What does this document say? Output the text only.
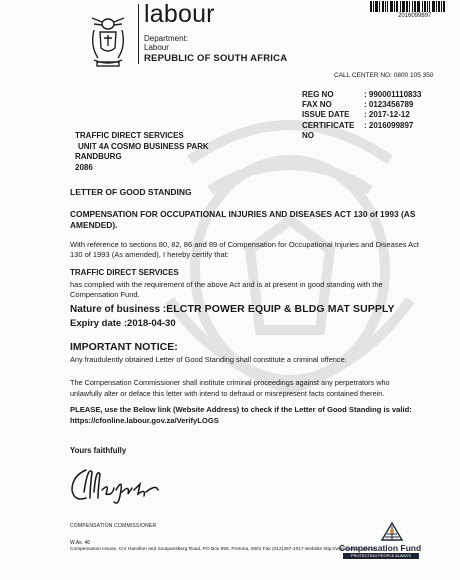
2016099897
labour
Department:
Labour
REPUBLIC OF SOUTH AFRICA
CALL CENTER NO: 0800 105 350
REG NO	: 990001110833
FAX NO	: 0123456789
ISSUE DATE	: 2017-12-12
CERTIFICATE NO
: 2016099897
TRAFFIC DIRECT SERVICES
UNIT 4A COSMO BUSINESS PARK
RANDBURG
2086
LETTER OF GOOD STANDING
COMPENSATION FOR OCCUPATIONAL INJURIES AND DISEASES ACT 130 of 1993 (AS
AMENDED).
With reference to sections 80, 82, 86 and 89 of Compensation for Occupational Injuries and Diseases Act
130 of 1993 (As amended), I hereby certify that:
TRAFFIC DIRECT SERVICES
has complied with the requirement of the above Act and is at present in good standing with the
Compensation Fund.
Nature of business :ELCTR POWER EQUIP & BLDG MAT SUPPLY
Expiry date :2018-04-30
IMPORTANT NOTICE:
Any fraudulently obtained Letter of Good Standing shall constitute a criminal offence.
The Compensation Commissioner shall institute criminal proceedings against any perpetrators who
unlawfully alter or deface this letter with intend to defraud or misrepresent facts contained therein.
PLEASE, use the Below link (Website Address) to check if the Letter of Good Standing is valid:
https://cfonline.labour.gov.za/VerifyLOGS
Yours faithfully
COMPENSATION COMMISSIONER
W.As. 46
Compensation House, Cnr Hamilton and Soutpansberg Road, PO Box 955, Pretoria, 0001 Fax (012)357-1017 Website http://www.labour.gov.za
Compensation Fund
PROTECTING PEOPLE ALWAYS
